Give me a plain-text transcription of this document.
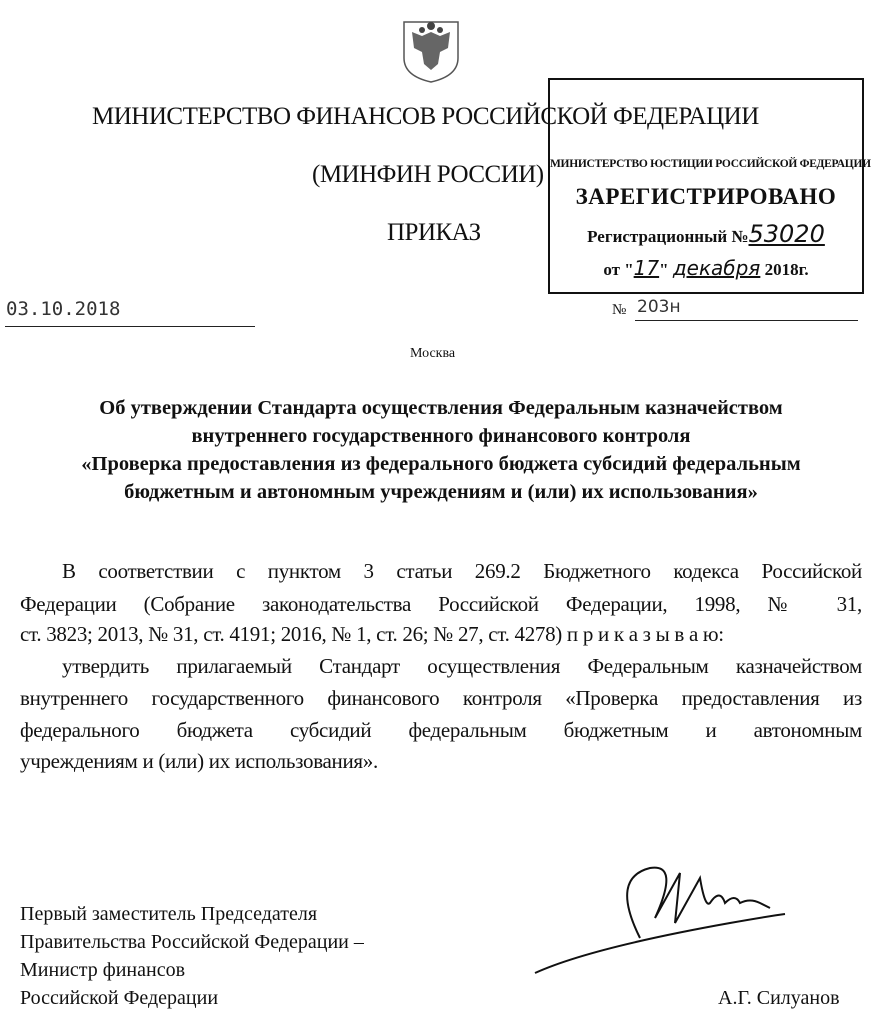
МИНИСТЕРСТВО ФИНАНСОВ РОССИЙСКОЙ ФЕДЕРАЦИИ
(МИНФИН РОССИИ)
ПРИКАЗ
МИНИСТЕРСТВО ЮСТИЦИИ РОССИЙСКОЙ ФЕДЕРАЦИИ
ЗАРЕГИСТРИРОВАНО
Регистрационный №53020
от "17" декабря 2018г.
03.10.2018	№ 203н
Москва
Об утверждении Стандарта осуществления Федеральным казначейством
внутреннего государственного финансового контроля
«Проверка предоставления из федерального бюджета субсидий федеральным
бюджетным и автономным учреждениям и (или) их использования»
В соответствии с пунктом 3 статьи 269.2 Бюджетного кодекса Российской
Федерации (Собрание законодательства Российской Федерации, 1998, № 31,
ст. 3823; 2013, № 31, ст. 4191; 2016, № 1, ст. 26; № 27, ст. 4278) п р и к а з ы в а ю:
утвердить прилагаемый Стандарт осуществления Федеральным казначейством
внутреннего государственного финансового контроля «Проверка предоставления из
федерального бюджета субсидий федеральным бюджетным и автономным
учреждениям и (или) их использования».
Первый заместитель Председателя
Правительства Российской Федерации –
Министр финансов
Российской Федерации	А.Г. Силуанов
